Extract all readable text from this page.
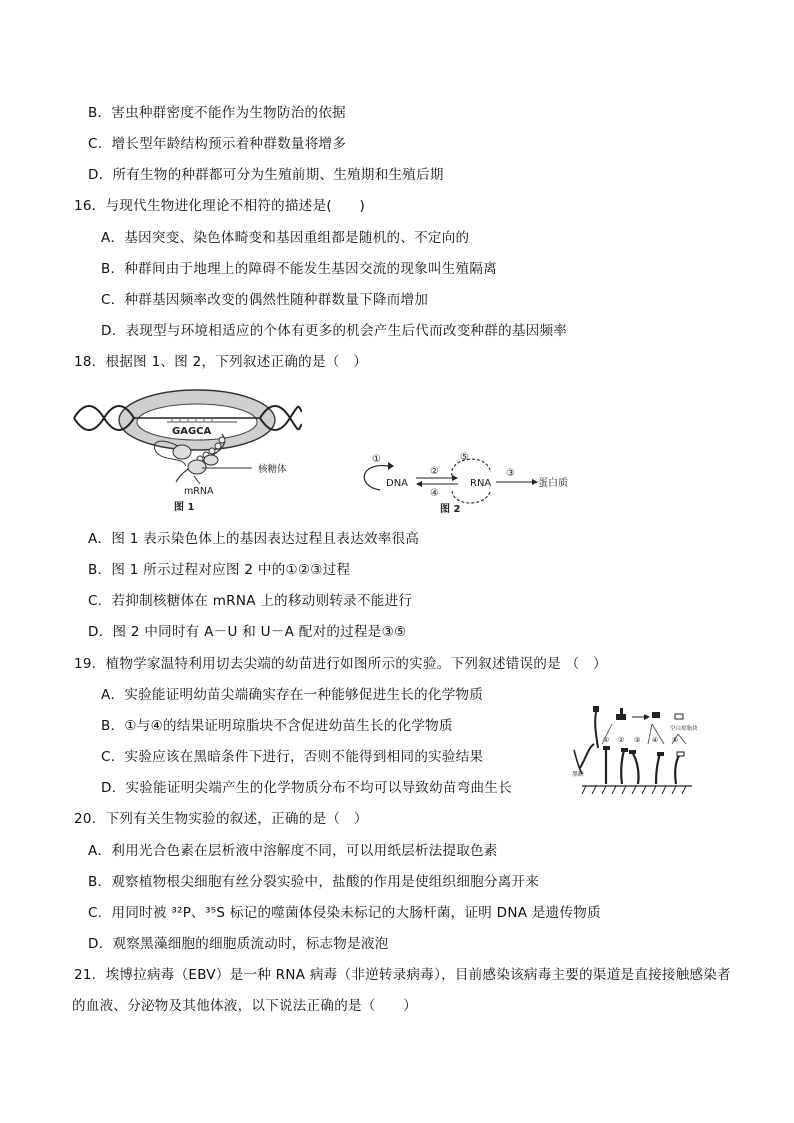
B．害虫种群密度不能作为生物防治的依据
C．增长型年龄结构预示着种群数量将增多
D．所有生物的种群都可分为生殖前期、生殖期和生殖后期
16．与现代生物进化理论不相符的描述是(　　)
A．基因突变、染色体畸变和基因重组都是随机的、不定向的
B．种群间由于地理上的障碍不能发生基因交流的现象叫生殖隔离
C．种群基因频率改变的偶然性随种群数量下降而增加
D．表现型与环境相适应的个体有更多的机会产生后代而改变种群的基因频率
18．根据图 1、图 2，下列叙述正确的是（　）
GAGCA
核糖体
mRNA
图 1
①
DNA
②
④
⑤
RNA
③
蛋白质
图 2
A．图 1 表示染色体上的基因表达过程且表达效率很高
B．图 1 所示过程对应图 2 中的①②③过程
C．若抑制核糖体在 mRNA 上的移动则转录不能进行
D．图 2 中同时有 A－U 和 U－A 配对的过程是③⑤
19．植物学家温特利用切去尖端的幼苗进行如图所示的实验。下列叙述错误的是 （　）
A．实验能证明幼苗尖端确实存在一种能够促进生长的化学物质
B．①与④的结果证明琼脂块不含促进幼苗生长的化学物质
C．实验应该在黑暗条件下进行，否则不能得到相同的实验结果
D．实验能证明尖端产生的化学物质分布不均可以导致幼苗弯曲生长
空白琼脂块
黑暗
① ② ③ ④ ⑤
20．下列有关生物实验的叙述，正确的是（　）
A．利用光合色素在层析液中溶解度不同，可以用纸层析法提取色素
B．观察植物根尖细胞有丝分裂实验中，盐酸的作用是使组织细胞分离开来
C．用同时被 ³²P、³⁵S 标记的噬菌体侵染未标记的大肠杆菌，证明 DNA 是遗传物质
D．观察黑藻细胞的细胞质流动时，标志物是液泡
21．埃博拉病毒（EBV）是一种 RNA 病毒（非逆转录病毒），目前感染该病毒主要的渠道是直接接触感染者
的血液、分泌物及其他体液，以下说法正确的是（　　）
